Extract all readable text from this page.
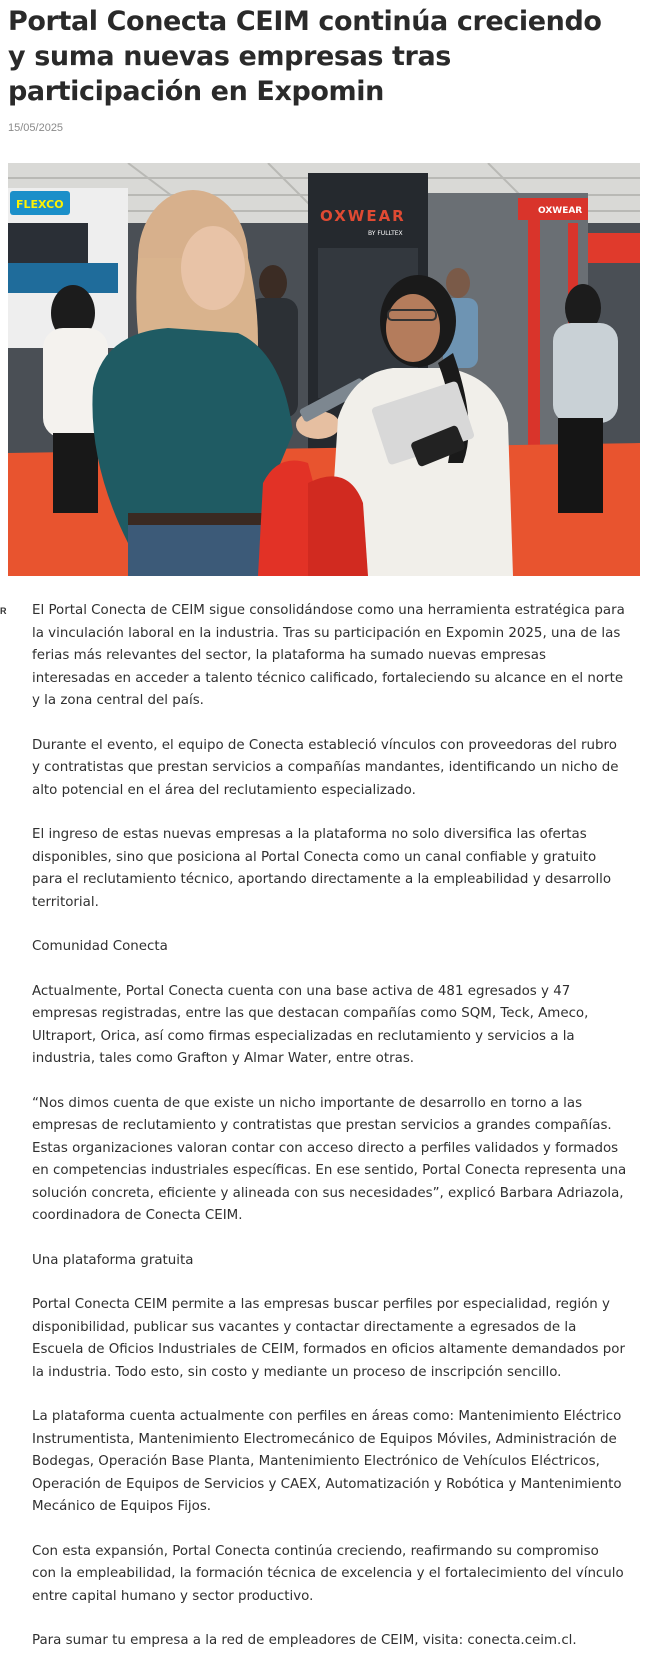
Portal Conecta CEIM continúa creciendo y suma nuevas empresas tras participación en Expomin
15/05/2025
FLEXCO
OXWEAR
BY FULLTEX
OXWEAR
R El Portal Conecta de CEIM sigue consolidándose como una herramienta estratégica para la vinculación laboral en la industria. Tras su participación en Expomin 2025, una de las ferias más relevantes del sector, la plataforma ha sumado nuevas empresas interesadas en acceder a talento técnico calificado, fortaleciendo su alcance en el norte y la zona central del país.

Durante el evento, el equipo de Conecta estableció vínculos con proveedoras del rubro y contratistas que prestan servicios a compañías mandantes, identificando un nicho de alto potencial en el área del reclutamiento especializado.

El ingreso de estas nuevas empresas a la plataforma no solo diversifica las ofertas disponibles, sino que posiciona al Portal Conecta como un canal confiable y gratuito para el reclutamiento técnico, aportando directamente a la empleabilidad y desarrollo territorial.

Comunidad Conecta

Actualmente, Portal Conecta cuenta con una base activa de 481 egresados y 47 empresas registradas, entre las que destacan compañías como SQM, Teck, Ameco, Ultraport, Orica, así como firmas especializadas en reclutamiento y servicios a la industria, tales como Grafton y Almar Water, entre otras.

“Nos dimos cuenta de que existe un nicho importante de desarrollo en torno a las empresas de reclutamiento y contratistas que prestan servicios a grandes compañías. Estas organizaciones valoran contar con acceso directo a perfiles validados y formados en competencias industriales específicas. En ese sentido, Portal Conecta representa una solución concreta, eficiente y alineada con sus necesidades”, explicó Barbara Adriazola, coordinadora de Conecta CEIM.

Una plataforma gratuita

Portal Conecta CEIM permite a las empresas buscar perfiles por especialidad, región y disponibilidad, publicar sus vacantes y contactar directamente a egresados de la Escuela de Oficios Industriales de CEIM, formados en oficios altamente demandados por la industria. Todo esto, sin costo y mediante un proceso de inscripción sencillo.

La plataforma cuenta actualmente con perfiles en áreas como: Mantenimiento Eléctrico Instrumentista, Mantenimiento Electromecánico de Equipos Móviles, Administración de Bodegas, Operación Base Planta, Mantenimiento Electrónico de Vehículos Eléctricos, Operación de Equipos de Servicios y CAEX, Automatización y Robótica y Mantenimiento Mecánico de Equipos Fijos.

Con esta expansión, Portal Conecta continúa creciendo, reafirmando su compromiso con la empleabilidad, la formación técnica de excelencia y el fortalecimiento del vínculo entre capital humano y sector productivo.

Para sumar tu empresa a la red de empleadores de CEIM, visita: conecta.ceim.cl.
